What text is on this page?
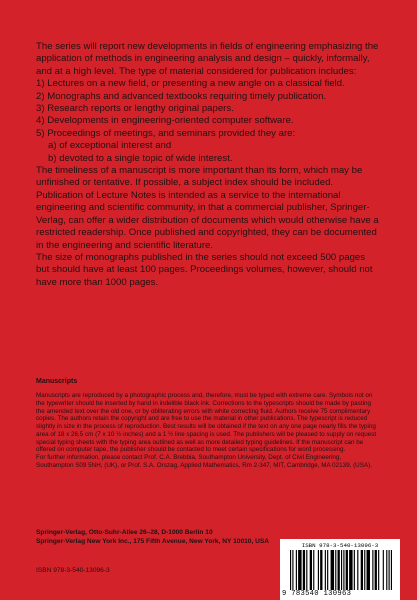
The series will report new developments in fields of engineering emphasizing the application of methods in engineering analysis and design – quickly, informally, and at a high level. The type of material considered for publication includes:

1) Lectures on a new field, or presenting a new angle on a classical field.
2) Monographs and advanced textbooks requiring timely publication.
3) Research reports or lengthy original papers.
4) Developments in engineering-oriented computer software.
5) Proceedings of meetings, and seminars provided they are:
a) of exceptional interest and
b) devoted to a single topic of wide interest.

The timeliness of a manuscript is more important than its form, which may be unfinished or tentative. If possible, a subject index should be included.

Publication of Lecture Notes is intended as a service to the international engineering and scientific community, in that a commercial publisher, Springer-Verlag, can offer a wider distribution of documents which would otherwise have a restricted readership. Once published and copyrighted, they can be documented in the engineering and scientific literature.

The size of monographs published in the series should not exceed 500 pages but should have at least 100 pages. Proceedings volumes, however, should not have more than 1000 pages.

Manuscripts

Manuscripts are reproduced by a photographic process and, therefore, must be typed with extreme care. Symbols not on the typewriter should be inserted by hand in indelible black ink. Corrections to the typescripts should be made by pasting the amended text over the old one, or by obliterating errors with white correcting fluid. Authors receive 75 complimentary copies. The authors retain the copyright and are free to use the material in other publications. The typescript is reduced slightly in size in the process of reproduction. Best results will be obtained if the text on any one page nearly fills the typing area of 18 x 26.5 cm (7 x 10 ½ inches) and a 1 ½ line spacing is used. The publishers will be pleased to supply on request special typing sheets with the typing area outlined as well as more detailed typing guidelines. If the manuscript can be offered on computer tape, the publisher should be contacted to meet certain specifications for word processing.

For further information, please contact Prof. C.A. Brebbia, Southampton University, Dept. of Civil Engineering, Southampton S09 5NH, (UK), or Prof. S.A. Orszag, Applied Mathematics, Rm 2-347, MIT, Cambridge, MA 02139, (USA).

Springer-Verlag, Otto-Suhr-Allee 26–28, D-1000 Berlin 10
Springer-Verlag New York Inc., 175 Fifth Avenue, New York, NY 10010, USA
ISBN 978-3-540-13096-3
ISBN 978-3-540-13096-3
9 783540 130963
